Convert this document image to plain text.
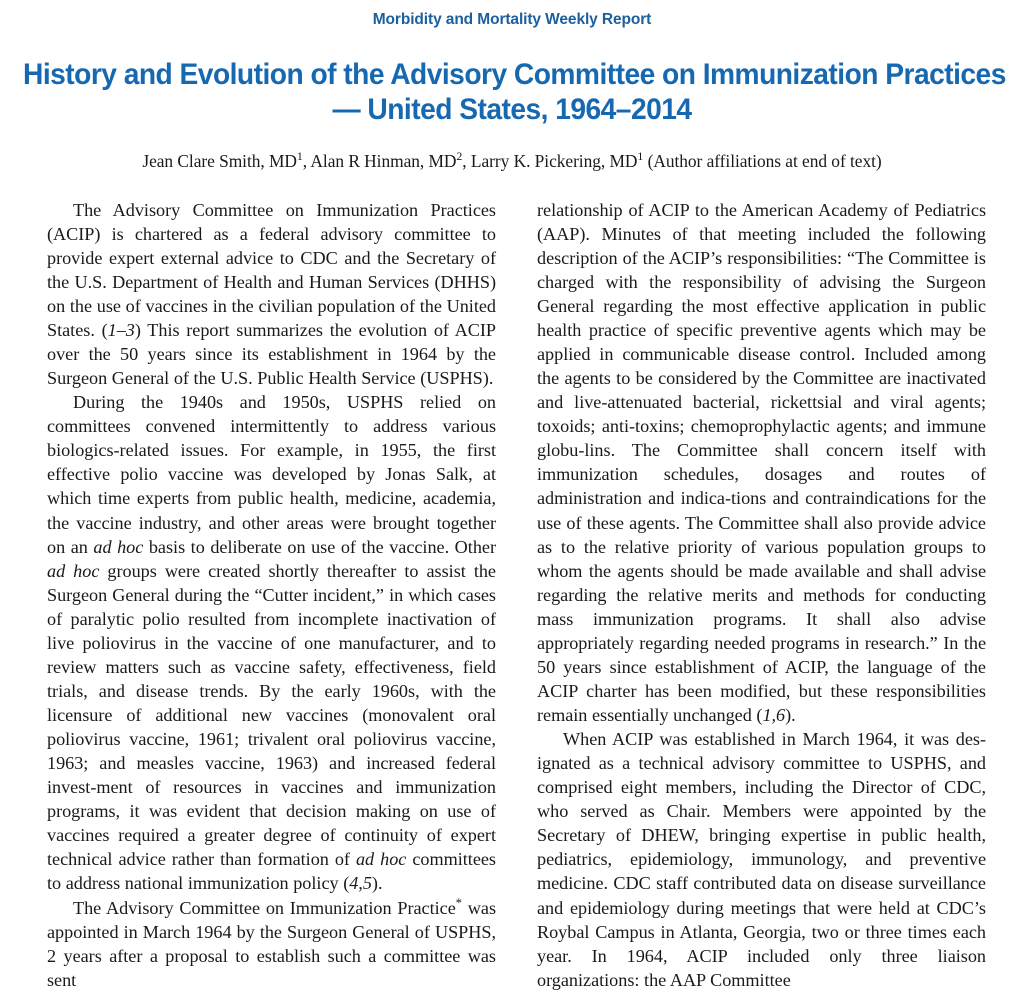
Morbidity and Mortality Weekly Report
History and Evolution of the Advisory Committee on Immunization Practices
— United States, 1964–2014
Jean Clare Smith, $MD^1$, Alan R Hinman, $MD^2$, Larry K. Pickering, $MD^1$ (Author affiliations at end of text)

The Advisory Committee on Immunization Practices (ACIP) is chartered as a federal advisory committee to provide expert external advice to CDC and the Secretary of the U.S. Department of Health and Human Services (DHHS) on the use of vaccines in the civilian population of the United States. (1–3) This report summarizes the evolution of ACIP over the 50 years since its establishment in 1964 by the Surgeon General of the U.S. Public Health Service (USPHS).

During the 1940s and 1950s, USPHS relied on committees convened intermittently to address various biologics-related issues. For example, in 1955, the first effective polio vaccine was developed by Jonas Salk, at which time experts from public health, medicine, academia, the vaccine industry, and other areas were brought together on an ad hoc basis to deliberate on use of the vaccine. Other ad hoc groups were created shortly thereafter to assist the Surgeon General during the “Cutter incident,” in which cases of paralytic polio resulted from incomplete inactivation of live poliovirus in the vaccine of one manufacturer, and to review matters such as vaccine safety, effectiveness, field trials, and disease trends. By the early 1960s, with the licensure of additional new vaccines (monovalent oral poliovirus vaccine, 1961; trivalent oral poliovirus vaccine, 1963; and measles vaccine, 1963) and increased federal invest-ment of resources in vaccines and immunization programs, it was evident that decision making on use of vaccines required a greater degree of continuity of expert technical advice rather than formation of ad hoc committees to address national immunization policy (4,5).

The Advisory Committee on Immunization Practice* was appointed in March 1964 by the Surgeon General of USPHS, 2 years after a proposal to establish such a committee was sent

relationship of ACIP to the American Academy of Pediatrics (AAP). Minutes of that meeting included the following description of the ACIP’s responsibilities: “The Committee is charged with the responsibility of advising the Surgeon General regarding the most effective application in public health practice of specific preventive agents which may be applied in communicable disease control. Included among the agents to be considered by the Committee are inactivated and live-attenuated bacterial, rickettsial and viral agents; toxoids; anti-toxins; chemoprophylactic agents; and immune globu-lins. The Committee shall concern itself with immunization schedules, dosages and routes of administration and indica-tions and contraindications for the use of these agents. The Committee shall also provide advice as to the relative priority of various population groups to whom the agents should be made available and shall advise regarding the relative merits and methods for conducting mass immunization programs. It shall also advise appropriately regarding needed programs in research.” In the 50 years since establishment of ACIP, the language of the ACIP charter has been modified, but these responsibilities remain essentially unchanged (1,6).

When ACIP was established in March 1964, it was des-ignated as a technical advisory committee to USPHS, and comprised eight members, including the Director of CDC, who served as Chair. Members were appointed by the Secretary of DHEW, bringing expertise in public health, pediatrics, epidemiology, immunology, and preventive medicine. CDC staff contributed data on disease surveillance and epidemiology during meetings that were held at CDC’s Roybal Campus in Atlanta, Georgia, two or three times each year. In 1964, ACIP included only three liaison organizations: the AAP Committee
